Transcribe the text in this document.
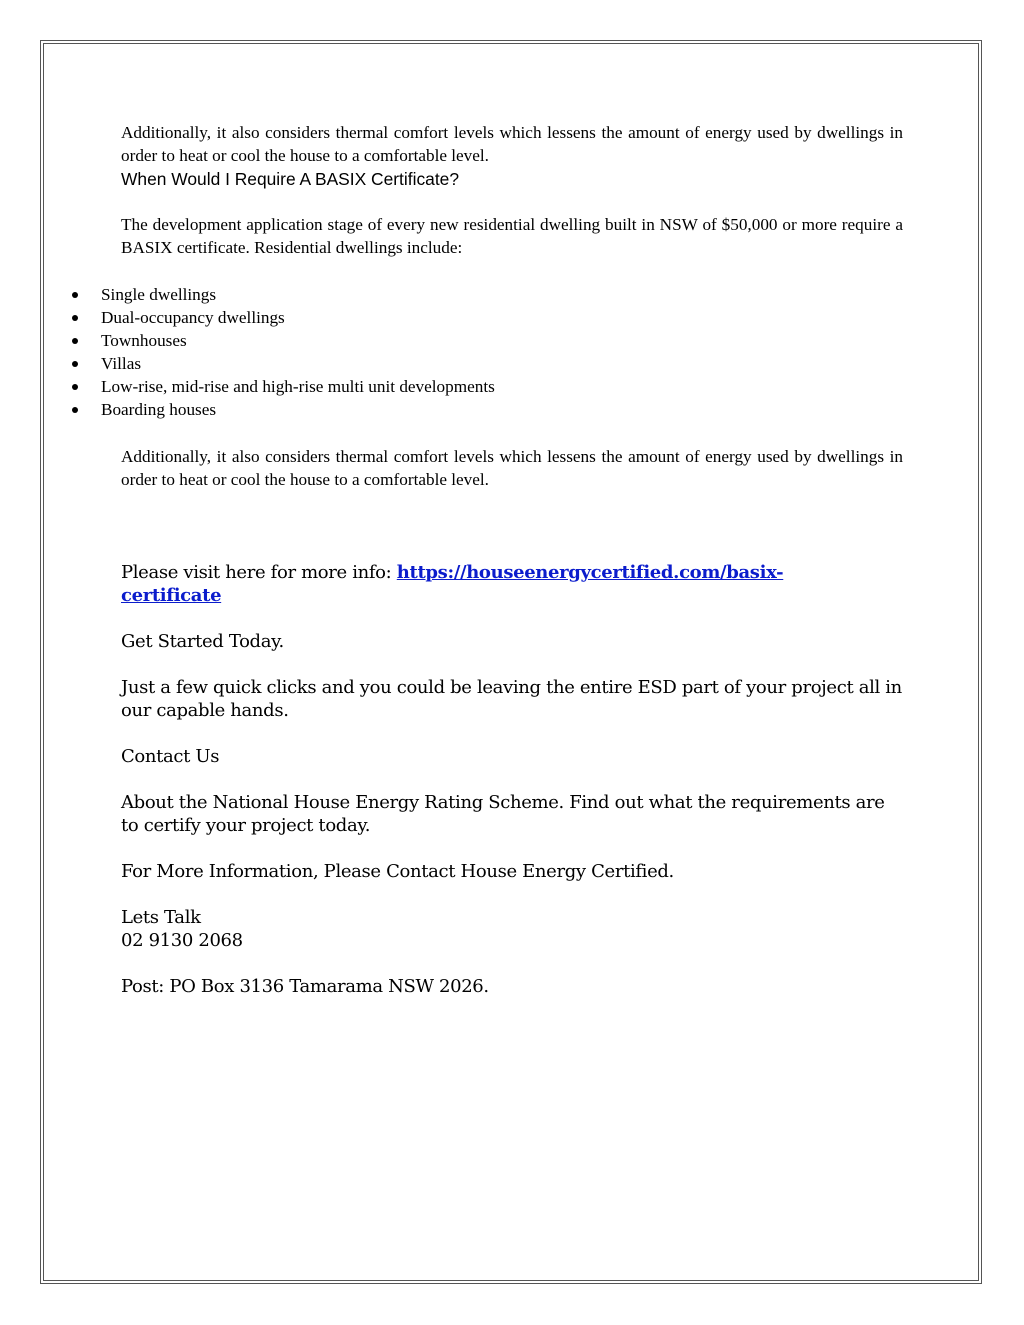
Additionally, it also considers thermal comfort levels which lessens the amount of energy used by dwellings in order to heat or cool the house to a comfortable level.

When Would I Require A BASIX Certificate?

The development application stage of every new residential dwelling built in NSW of $50,000 or more require a BASIX certificate. Residential dwellings include:

Single dwellings
Dual-occupancy dwellings
Townhouses
Villas
Low-rise, mid-rise and high-rise multi unit developments
Boarding houses

Additionally, it also considers thermal comfort levels which lessens the amount of energy used by dwellings in order to heat or cool the house to a comfortable level.

Please visit here for more info: https://houseenergycertified.com/basix-certificate
Get Started Today.
Just a few quick clicks and you could be leaving the entire ESD part of your project all in our capable hands.
Contact Us
About the National House Energy Rating Scheme. Find out what the requirements are to certify your project today.
For More Information, Please Contact House Energy Certified.
Lets Talk
02 9130 2068
Post: PO Box 3136 Tamarama NSW 2026.
